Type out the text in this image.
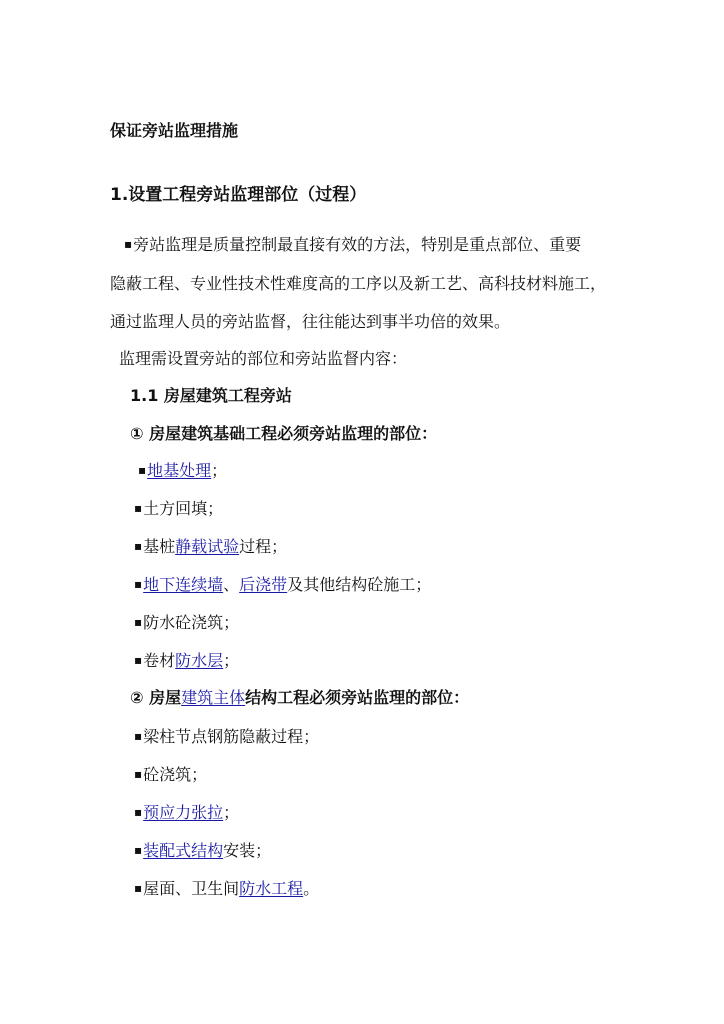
保证旁站监理措施
1.设置工程旁站监理部位（过程）
▪旁站监理是质量控制最直接有效的方法，特别是重点部位、重要
隐蔽工程、专业性技术性难度高的工序以及新工艺、高科技材料施工，
通过监理人员的旁站监督，往往能达到事半功倍的效果。
监理需设置旁站的部位和旁站监督内容：
1.1 房屋建筑工程旁站
① 房屋建筑基础工程必须旁站监理的部位：
▪地基处理；
▪土方回填；
▪基桩静载试验过程；
▪地下连续墙、后浇带及其他结构砼施工；
▪防水砼浇筑；
▪卷材防水层；
② 房屋建筑主体结构工程必须旁站监理的部位：
▪梁柱节点钢筋隐蔽过程；
▪砼浇筑；
▪预应力张拉；
▪装配式结构安装；
▪屋面、卫生间防水工程。
